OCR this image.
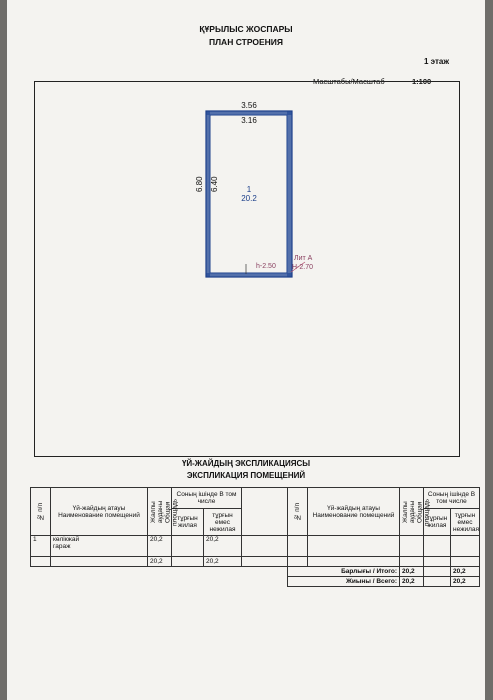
ҚҰРЫЛЫС ЖОСПАРЫ
ПЛАН СТРОЕНИЯ
1 этаж
Масштабы/Масштаб	1:100
3.56
3.16
6.80 6.40	1
20.2
h-2.50
Лит А
H-2.70
ҮЙ-ЖАЙДЫҢ ЭКСПЛИКАЦИЯСЫ
ЭКСПЛИКАЦИЯ ПОМЕЩЕНИЙ
№ п/п	Үй-жайдың атауы Наименование помещений	Жалпы ауданы Общая площадь	Соның ішінде В том числе			№ п/п	Үй-жайдың атауы Наименование помещений	Жалпы ауданы Общая площадь	Соның ішінде В том числе	
			тұрғын жилая	тұрғын емес нежилая					тұрғын жилая	тұрғын емес нежилая
1	көлікжай
гараж	20,2		20,2						
		20,2		20,2						
						Барлығы / Итого:		20,2		20,2
						Жиыны / Всего:		20,2		20,2
